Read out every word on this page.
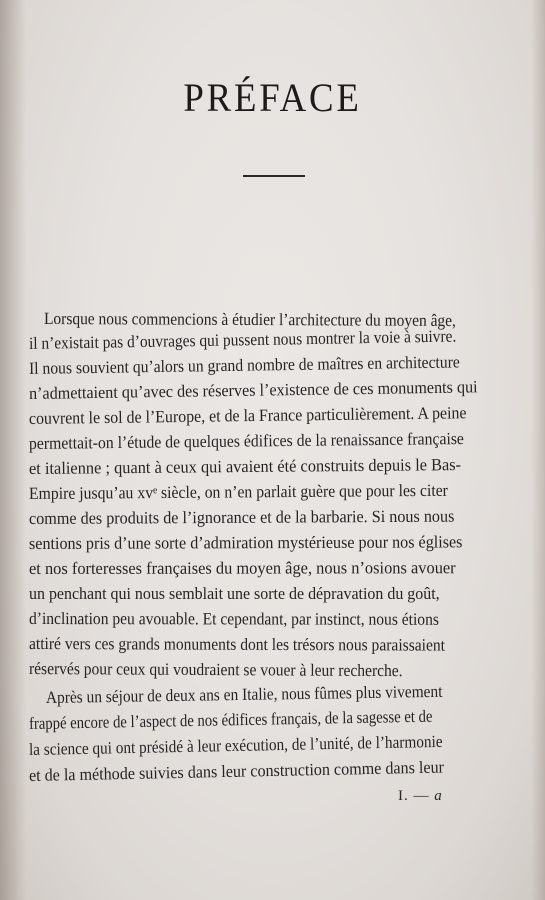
PRÉFACE
Lorsque nous commencions à étudier l’architecture du moyen âge,
il n’existait pas d’ouvrages qui pussent nous montrer la voie à suivre.
Il nous souvient qu’alors un grand nombre de maîtres en architecture
n’admettaient qu’avec des réserves l’existence de ces monuments qui
couvrent le sol de l’Europe, et de la France particulièrement. A peine
permettait-on l’étude de quelques édifices de la renaissance française
et italienne ; quant à ceux qui avaient été construits depuis le Bas-
Empire jusqu’au xvᵉ siècle, on n’en parlait guère que pour les citer
comme des produits de l’ignorance et de la barbarie. Si nous nous
sentions pris d’une sorte d’admiration mystérieuse pour nos églises
et nos forteresses françaises du moyen âge, nous n’osions avouer
un penchant qui nous semblait une sorte de dépravation du goût,
d’inclination peu avouable. Et cependant, par instinct, nous étions
attiré vers ces grands monuments dont les trésors nous paraissaient
réservés pour ceux qui voudraient se vouer à leur recherche.
Après un séjour de deux ans en Italie, nous fûmes plus vivement
frappé encore de l’aspect de nos édifices français, de la sagesse et de
la science qui ont présidé à leur exécution, de l’unité, de l’harmonie
et de la méthode suivies dans leur construction comme dans leur
I. — a
